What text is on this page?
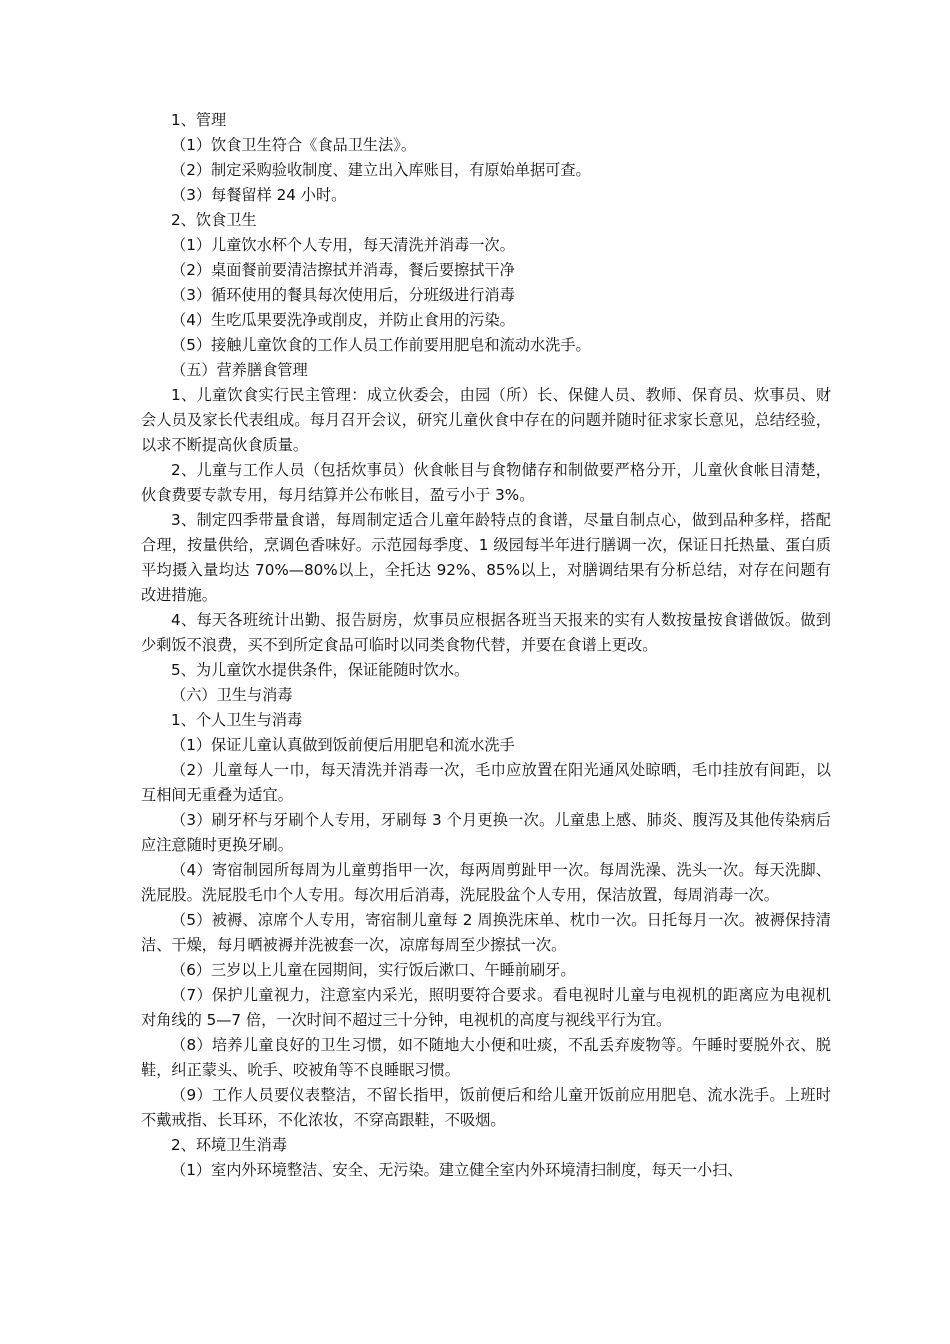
1、管理

（1）饮食卫生符合《食品卫生法》。

（2）制定采购验收制度、建立出入库账目，有原始单据可查。

（3）每餐留样 24 小时。

2、饮食卫生

（1）儿童饮水杯个人专用，每天清洗并消毒一次。

（2）桌面餐前要清洁擦拭并消毒，餐后要擦拭干净

（3）循环使用的餐具每次使用后，分班级进行消毒

（4）生吃瓜果要洗净或削皮，并防止食用的污染。

（5）接触儿童饮食的工作人员工作前要用肥皂和流动水洗手。

（五）营养膳食管理

1、儿童饮食实行民主管理：成立伙委会，由园（所）长、保健人员、教师、保育员、炊事员、财会人员及家长代表组成。每月召开会议，研究儿童伙食中存在的问题并随时征求家长意见，总结经验，以求不断提高伙食质量。

2、儿童与工作人员（包括炊事员）伙食帐目与食物储存和制做要严格分开，儿童伙食帐目清楚，伙食费要专款专用，每月结算并公布帐目，盈亏小于 3%。

3、制定四季带量食谱，每周制定适合儿童年龄特点的食谱，尽量自制点心，做到品种多样，搭配合理，按量供给，烹调色香味好。示范园每季度、1 级园每半年进行膳调一次，保证日托热量、蛋白质平均摄入量均达 70%—80%以上，全托达 92%、85%以上，对膳调结果有分析总结，对存在问题有改进措施。

4、每天各班统计出勤、报告厨房，炊事员应根据各班当天报来的实有人数按量按食谱做饭。做到少剩饭不浪费，买不到所定食品可临时以同类食物代替，并要在食谱上更改。

5、为儿童饮水提供条件，保证能随时饮水。

（六）卫生与消毒

1、个人卫生与消毒

（1）保证儿童认真做到饭前便后用肥皂和流水洗手

（2）儿童每人一巾，每天清洗并消毒一次，毛巾应放置在阳光通风处晾晒，毛巾挂放有间距，以互相间无重叠为适宜。

（3）刷牙杯与牙刷个人专用，牙刷每 3 个月更换一次。儿童患上感、肺炎、腹泻及其他传染病后应注意随时更换牙刷。

（4）寄宿制园所每周为儿童剪指甲一次，每两周剪趾甲一次。每周洗澡、洗头一次。每天洗脚、洗屁股。洗屁股毛巾个人专用。每次用后消毒，洗屁股盆个人专用，保洁放置，每周消毒一次。

（5）被褥、凉席个人专用，寄宿制儿童每 2 周换洗床单、枕巾一次。日托每月一次。被褥保持清洁、干燥，每月晒被褥并洗被套一次，凉席每周至少擦拭一次。

（6）三岁以上儿童在园期间，实行饭后漱口、午睡前刷牙。

（7）保护儿童视力，注意室内采光，照明要符合要求。看电视时儿童与电视机的距离应为电视机对角线的 5—7 倍，一次时间不超过三十分钟，电视机的高度与视线平行为宜。

（8）培养儿童良好的卫生习惯，如不随地大小便和吐痰，不乱丢弃废物等。午睡时要脱外衣、脱鞋，纠正蒙头、吮手、咬被角等不良睡眠习惯。

（9）工作人员要仪表整洁，不留长指甲，饭前便后和给儿童开饭前应用肥皂、流水洗手。上班时不戴戒指、长耳环，不化浓妆，不穿高跟鞋，不吸烟。

2、环境卫生消毒

（1）室内外环境整洁、安全、无污染。建立健全室内外环境清扫制度，每天一小扫、
